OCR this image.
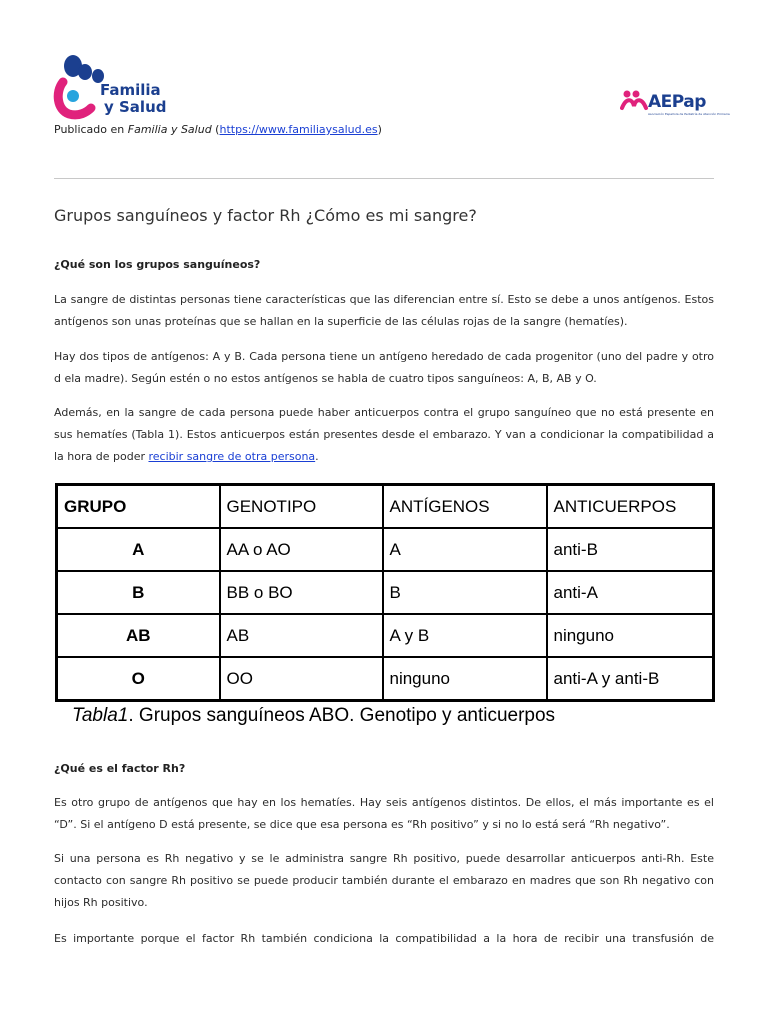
Familia
y Salud	AEPap
Asociación Española de Pediatría de Atención Primaria
Publicado en Familia y Salud (https://www.familiaysalud.es)
Grupos sanguíneos y factor Rh ¿Cómo es mi sangre?
¿Qué son los grupos sanguíneos?
La sangre de distintas personas tiene características que las diferencian entre sí. Esto se debe a unos antígenos. Estos antígenos son unas proteínas que se hallan en la superficie de las células rojas de la sangre (hematíes).
Hay dos tipos de antígenos: A y B. Cada persona tiene un antígeno heredado de cada progenitor (uno del padre y otro d ela madre). Según estén o no estos antígenos se habla de cuatro tipos sanguíneos: A, B, AB y O.
Además, en la sangre de cada persona puede haber anticuerpos contra el grupo sanguíneo que no está presente en sus hematíes (Tabla 1). Estos anticuerpos están presentes desde el embarazo. Y van a condicionar la compatibilidad a la hora de poder recibir sangre de otra persona.
GRUPO	GENOTIPO	ANTÍGENOS	ANTICUERPOS
A	AA o AO	A	anti-B
B	BB o BO	B	anti-A
AB	AB	A y B	ninguno
O	OO	ninguno	anti-A y anti-B
Tabla1. Grupos sanguíneos ABO. Genotipo y anticuerpos
¿Qué es el factor Rh?
Es otro grupo de antígenos que hay en los hematíes. Hay seis antígenos distintos. De ellos, el más importante es el “D”. Si el antígeno D está presente, se dice que esa persona es “Rh positivo” y si no lo está será “Rh negativo”.
Si una persona es Rh negativo y se le administra sangre Rh positivo, puede desarrollar anticuerpos anti-Rh. Este contacto con sangre Rh positivo se puede producir también durante el embarazo en madres que son Rh negativo con hijos Rh positivo.
Es importante porque el factor Rh también condiciona la compatibilidad a la hora de recibir una transfusión de
